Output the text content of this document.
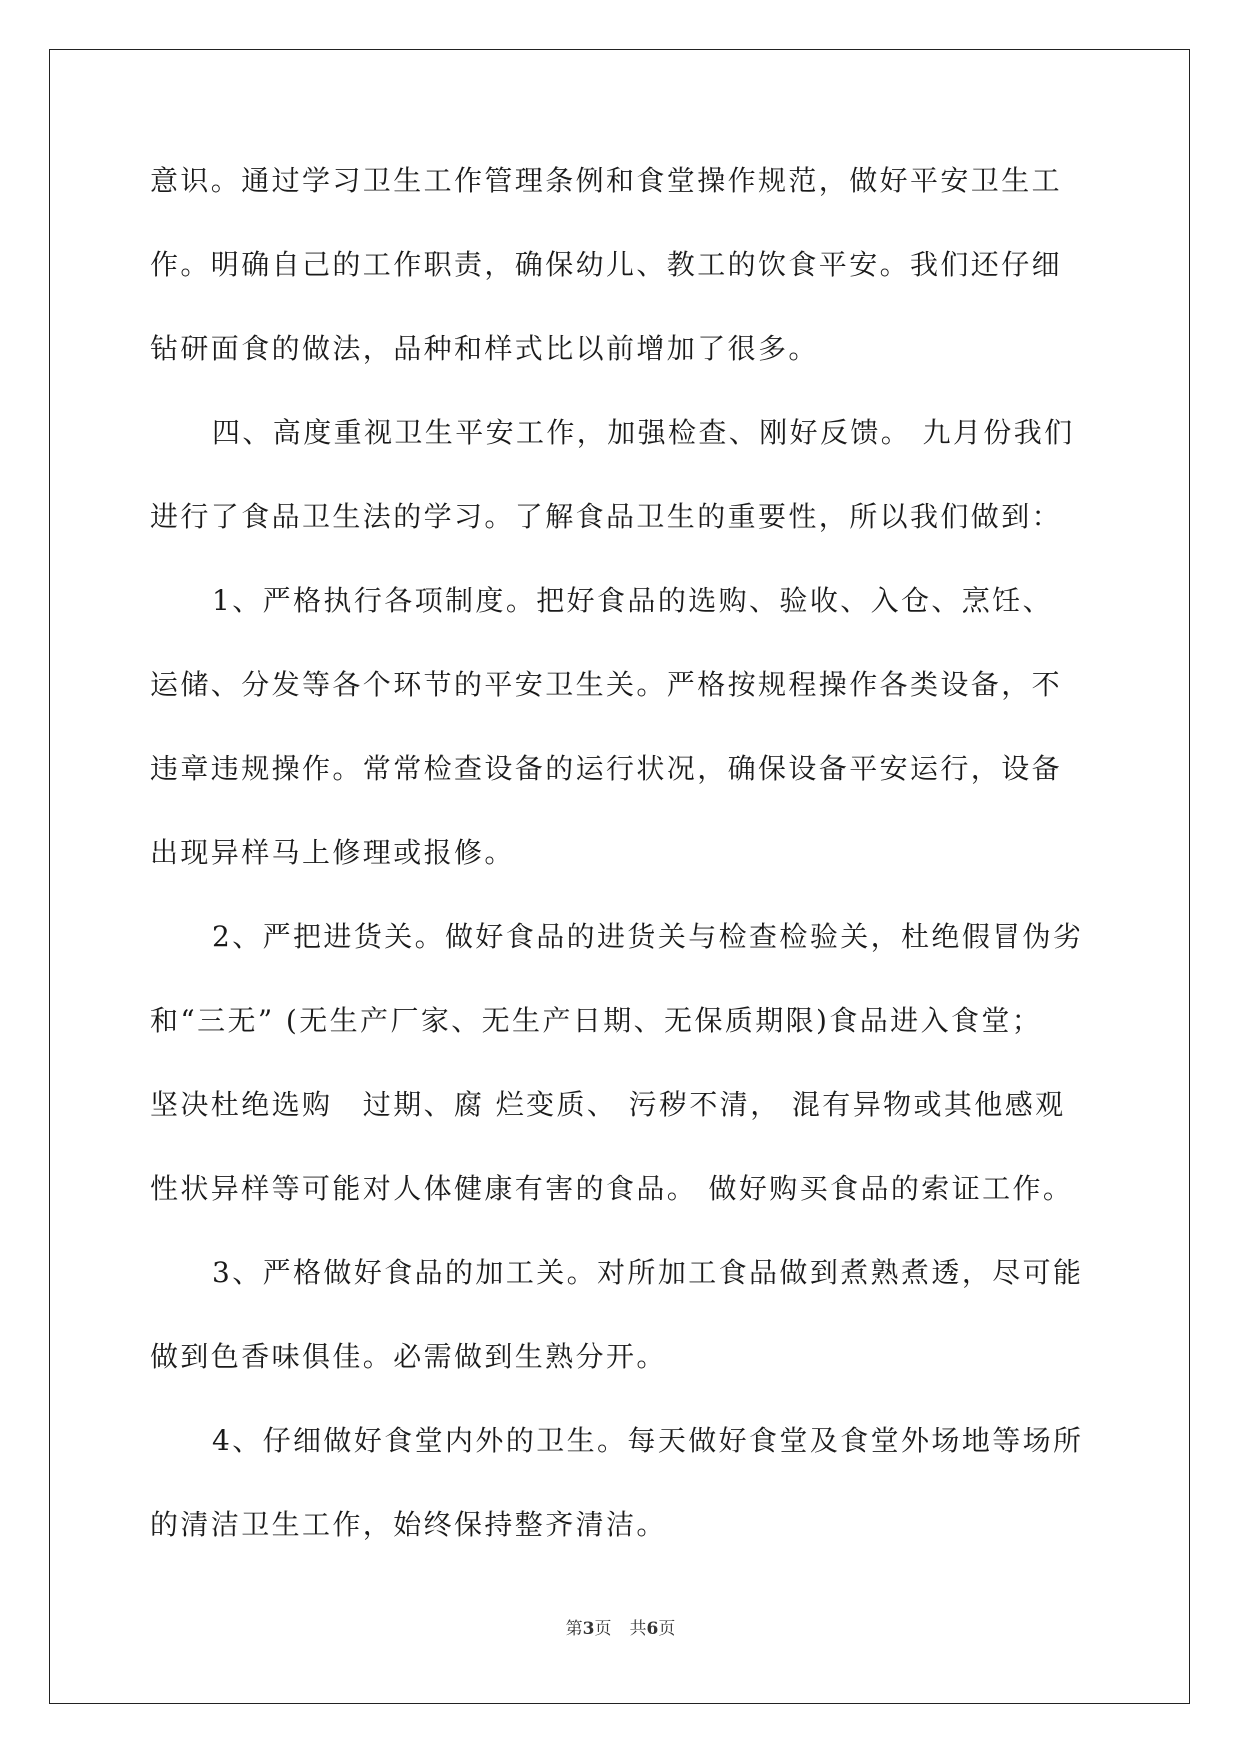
意识。通过学习卫生工作管理条例和食堂操作规范，做好平安卫生工
作。明确自己的工作职责，确保幼儿、教工的饮食平安。我们还仔细
钻研面食的做法，品种和样式比以前增加了很多。
四、高度重视卫生平安工作，加强检查、刚好反馈。 九月份我们
进行了食品卫生法的学习。了解食品卫生的重要性，所以我们做到：
1、严格执行各项制度。把好食品的选购、验收、入仓、烹饪、
运储、分发等各个环节的平安卫生关。严格按规程操作各类设备，不
违章违规操作。常常检查设备的运行状况，确保设备平安运行，设备
出现异样马上修理或报修。
2、严把进货关。做好食品的进货关与检查检验关，杜绝假冒伪劣
和“三无” (无生产厂家、无生产日期、无保质期限)食品进入食堂；
坚决杜绝选购　过期、腐 烂变质、 污秽不清， 混有异物或其他感观
性状异样等可能对人体健康有害的食品。 做好购买食品的索证工作。
3、严格做好食品的加工关。对所加工食品做到煮熟煮透，尽可能
做到色香味俱佳。必需做到生熟分开。
4、仔细做好食堂内外的卫生。每天做好食堂及食堂外场地等场所
的清洁卫生工作，始终保持整齐清洁。
第3页 共6页
